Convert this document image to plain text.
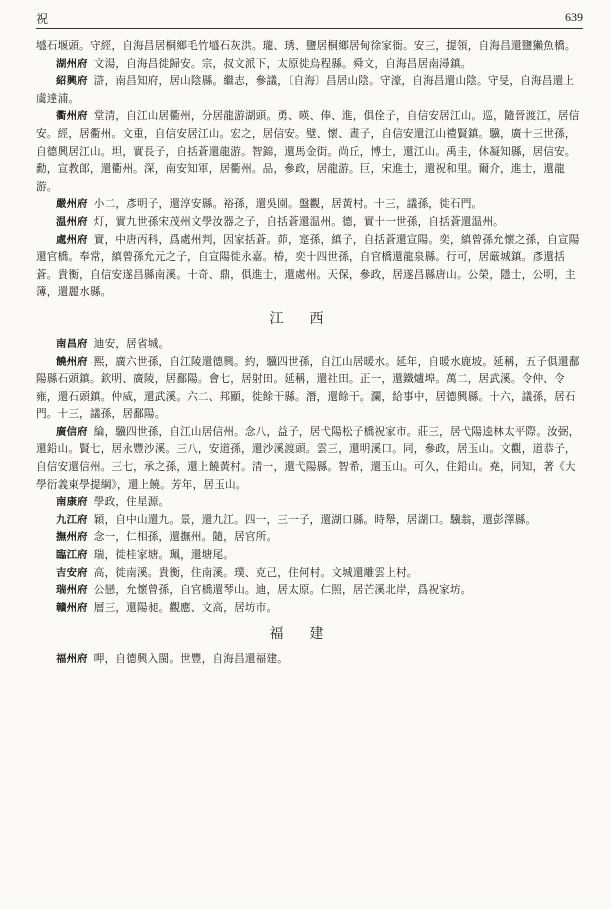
祝	639

墭石堰頭。守經，自海昌居桐鄉毛竹墭石灰洪。瓏、琇、鹽居桐鄉居甸徐家衙。安三，提領，自海昌還鹽獺魚橋。

湖州府 文湯，自海昌徙歸安。宗，叔文派下，太原徙烏程縣。舜文，自海昌居南潯鎮。

紹興府 滸，南昌知府，居山陰縣。繼志，參議，〔自海〕昌居山陰。守濠，自海昌還山陰。守旻，自海昌還上虞達浦。

衢州府 堂清，自江山居衢州，分居龍游湖頭。勇、暎、俸、進，俱佺子，自信安居江山。巡，隨晉渡江，居信安。經，居衢州。文重，自信安居江山。宏之，居信安。璧、懷、晝子，自信安還江山禮賢鎮。驥，廣十三世孫，自德興居江山。坦，實長子，自括蒼還龍游。智錦，還馬金街。尚丘，博士，還江山。禹圭，休凝知縣，居信安。勳，宣教郎，還衢州。深，南安知軍，居衢州。品，參政，居龍游。巨，宋進士，還祝和里。爾介，進士，還龍游。

嚴州府 小二，彥明子，還淳安縣。裕孫，還吳園。盤觀，居黃村。十三，議孫，徙石門。

温州府 灯，實九世孫宋茂州文學汝器之子，自括蒼還温州。德，實十一世孫，自括蒼還温州。

處州府 實，中唐丙科，爲處州判，因家括蒼。茆，寔孫，縝子，自括蒼還宣陽。奕，縝曾孫允懷之孫，自宣陽還官橋。奉常，縝曾孫允元之子，自宣陽徙永嘉。椿，奕十四世孫，自官橋還龍泉縣。行可，居厳城鎮。彥還括蒼。貴衡，自信安遂昌縣南溪。十奇、鼎，俱進士，還處州。天保，參政，居遂昌縣唐山。公榮，隱士，公明，主簿，還麗水縣。

江西

南昌府 迪安，居省城。

饒州府 熙，廣六世孫，自江陵還德興。約，驥四世孫，自江山居暖水。延年，自暖水鹿坡。延稱，五子俱還鄱陽縣石頭鎮。欽明、廣陵，居鄱陽。會七，居射田。延稱，還社田。正一，還鐵爐埠。萬二，居武溪。令仲、令雍，還石頭鎮。仲威，還武溪。六二、邦顯，徙餘干縣。潛，還餘干。瀾，給事中，居德興縣。十六，議孫，居石門。十三，議孫，居鄱陽。

廣信府 綸，驥四世孫，自江山居信州。念八，益子，居弋陽松子橋祝家市。莊三，居弋陽逵林太平際。汝弼，還鉛山。賢七，居永豐沙溪。三八，安道孫，還沙溪渡頭。雲三，還明溪口。同，參政，居玉山。文觀，道恭子，自信安還信州。三七，承之孫，還上饒黃村。清一，還弋陽縣。智希，還玉山。可久，住鉛山。堯，同知，著《大學衍義東學提綱》，還上饒。芳年，居玉山。

南康府 學政，住星源。

九江府 穎，自中山還九。景，還九江。四一，三一子，還湖口縣。時舉，居湖口。驥翁，還彭澤縣。

撫州府 念一，仁相孫，還撫州。隨，居官所。

臨江府 瑞，徙桂家塘。珮，還塘尾。

吉安府 高，徙南溪。貴衡，住南溪。璞、克己，住何村。文城還雕雲上村。

瑞州府 公戀，允懷曾孫，自官橋還琴山。迪，居太原。仁照，居芒溪北岸，爲祝家坊。

贛州府 層三，還陽昶。觀應、文高，居坊市。

福建

福州府 呷，自德興入閩。世豐，自海昌還福建。
